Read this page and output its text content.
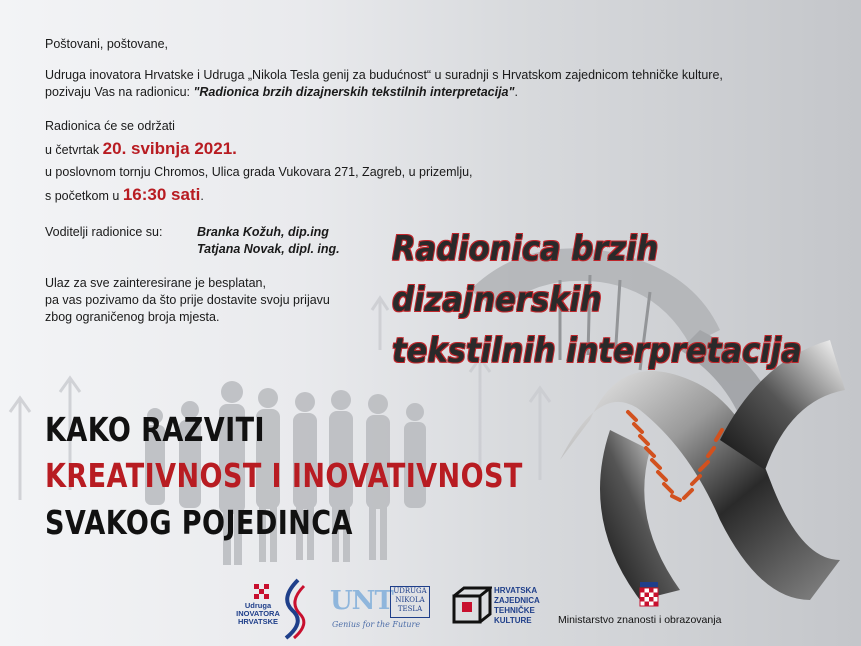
Poštovani, poštovane,
Udruga inovatora Hrvatske i Udruga „Nikola Tesla genij za budućnost“ u suradnji s Hrvatskom zajednicom tehničke kulture,
pozivaju Vas na radionicu: "Radionica brzih dizajnerskih tekstilnih interpretacija".
Radionica će se održati
u četvrtak 20. svibnja 2021.
u poslovnom tornju Chromos, Ulica grada Vukovara 271, Zagreb, u prizemlju,
s početkom u 16:30 sati.
Voditelji radionice su:	Branka Kožuh, dip.ing
Tatjana Novak, dipl. ing.
Ulaz za sve zainteresirane je besplatan,
pa vas pozivamo da što prije dostavite svoju prijavu
zbog ograničenog broja mjesta.
Radionica brzih
dizajnerskih
tekstilnih interpretacija
KAKO RAZVITI
KREATIVNOST I INOVATIVNOST
SVAKOG POJEDINCA
Udruga
INOVATORA
HRVATSKE
UNT UDRUGA
NIKOLA
TESLA
Genius for the Future
HRVATSKA
ZAJEDNICA
TEHNIČKE
KULTURE	Ministarstvo znanosti i obrazovanja
